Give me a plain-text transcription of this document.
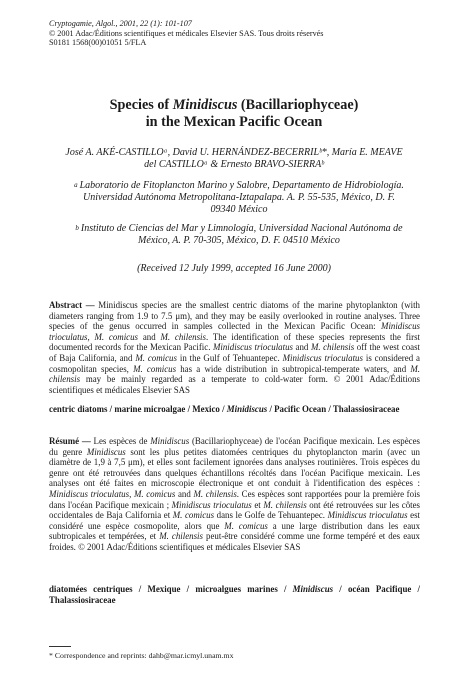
Cryptogamie, Algol., 2001, 22 (1): 101-107
© 2001 Adac/Éditions scientifiques et médicales Elsevier SAS. Tous droits réservés
S0181 1568(00)01051 5/FLA
Species of Minidiscus (Bacillariophyceae)
in the Mexican Pacific Ocean
José A. AKÉ-CASTILLOᵃ, David U. HERNÁNDEZ-BECERRILᵇ*, María E. MEAVE
del CASTILLOᵃ & Ernesto BRAVO-SIERRAᵇ
$^a$ Laboratorio de Fitoplancton Marino y Salobre, Departamento de Hidrobiología.
Universidad Autónoma Metropolitana-Iztapalapa. A. P. 55-535, México, D. F.
09340 México
$^b$ Instituto de Ciencias del Mar y Limnología, Universidad Nacional Autónoma de
México, A. P. 70-305, México, D. F. 04510 México
(Received 12 July 1999, accepted 16 June 2000)
Abstract — Minidiscus species are the smallest centric diatoms of the marine phytoplankton (with diameters ranging from 1.9 to 7.5 μm), and they may be easily overlooked in routine analyses. Three species of the genus occurred in samples collected in the Mexican Pacific Ocean: Minidiscus trioculatus, M. comicus and M. chilensis. The identification of these species represents the first documented records for the Mexican Pacific. Minidiscus trioculatus and M. chilensis off the west coast of Baja California, and M. comicus in the Gulf of Tehuantepec. Minidiscus trioculatus is considered a cosmopolitan species, M. comicus has a wide distribution in subtropical-temperate waters, and M. chilensis may be mainly regarded as a temperate to cold-water form. © 2001 Adac/Éditions scientifiques et médicales Elsevier SAS
centric diatoms / marine microalgae / Mexico / Minidiscus / Pacific Ocean / Thalassiosiraceae
Résumé — Les espèces de Minidiscus (Bacillariophyceae) de l'océan Pacifique mexicain. Les espèces du genre Minidiscus sont les plus petites diatomées centriques du phytoplancton marin (avec un diamètre de 1,9 à 7,5 μm), et elles sont facilement ignorées dans analyses routinières. Trois espèces du genre ont été retrouvées dans quelques échantillons récoltés dans l'océan Pacifique mexicain. Les analyses ont été faites en microscopie électronique et ont conduit à l'identification des espèces : Minidiscus trioculatus, M. comicus and M. chilensis. Ces espèces sont rapportées pour la première fois dans l'océan Pacifique mexicain ; Minidiscus trioculatus et M. chilensis ont été retrouvées sur les côtes occidentales de Baja California et M. comicus dans le Golfe de Tehuantepec. Minidiscus trioculatus est considéré une espèce cosmopolite, alors que M. comicus a une large distribution dans les eaux subtropicales et tempérées, et M. chilensis peut-être considéré comme une forme tempéré et des eaux froides. © 2001 Adac/Éditions scientifiques et médicales Elsevier SAS
diatomées centriques / Mexique / microalgues marines / Minidiscus / océan Pacifique / Thalassiosiraceae
* Correspondence and reprints: dahb@mar.icmyl.unam.mx
